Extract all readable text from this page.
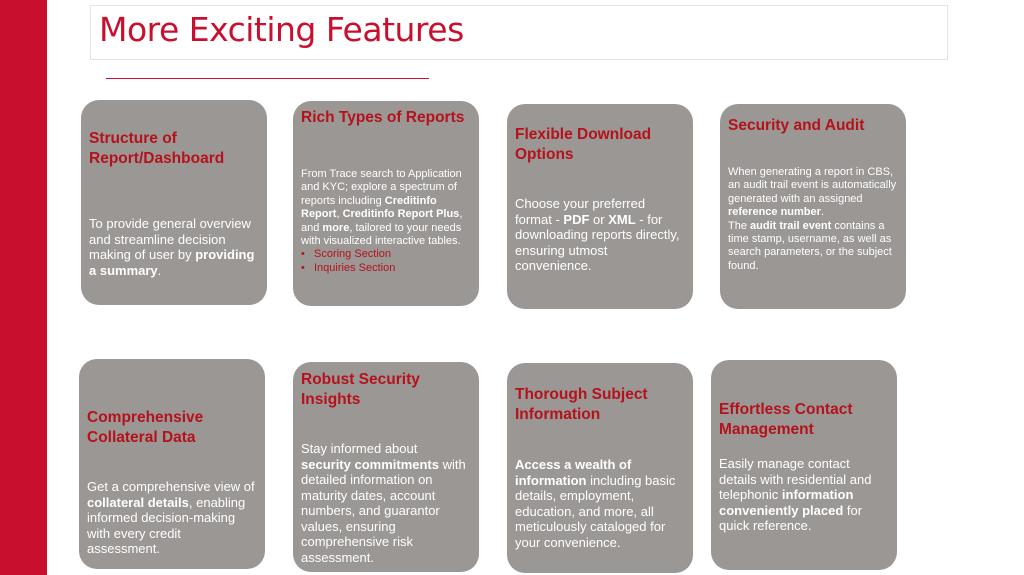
More Exciting Features
Structure of Report/Dashboard
To provide general overview and streamline decision making of user by providing a summary.
Rich Types of Reports
From Trace search to Application and KYC; explore a spectrum of reports including Creditinfo Report, Creditinfo Report Plus, and more, tailored to your needs with visualized interactive tables.
• Scoring Section
• Inquiries Section
Flexible Download Options
Choose your preferred format - PDF or XML - for downloading reports directly, ensuring utmost convenience.
Security and Audit
When generating a report in CBS, an audit trail event is automatically generated with an assigned reference number.
The audit trail event contains a time stamp, username, as well as search parameters, or the subject found.
Comprehensive Collateral Data
Get a comprehensive view of collateral details, enabling informed decision-making with every credit assessment.
Robust Security Insights
Stay informed about security commitments with detailed information on maturity dates, account numbers, and guarantor values, ensuring comprehensive risk assessment.
Thorough Subject Information
Access a wealth of information including basic details, employment, education, and more, all meticulously cataloged for your convenience.
Effortless Contact Management
Easily manage contact details with residential and telephonic information conveniently placed for quick reference.
